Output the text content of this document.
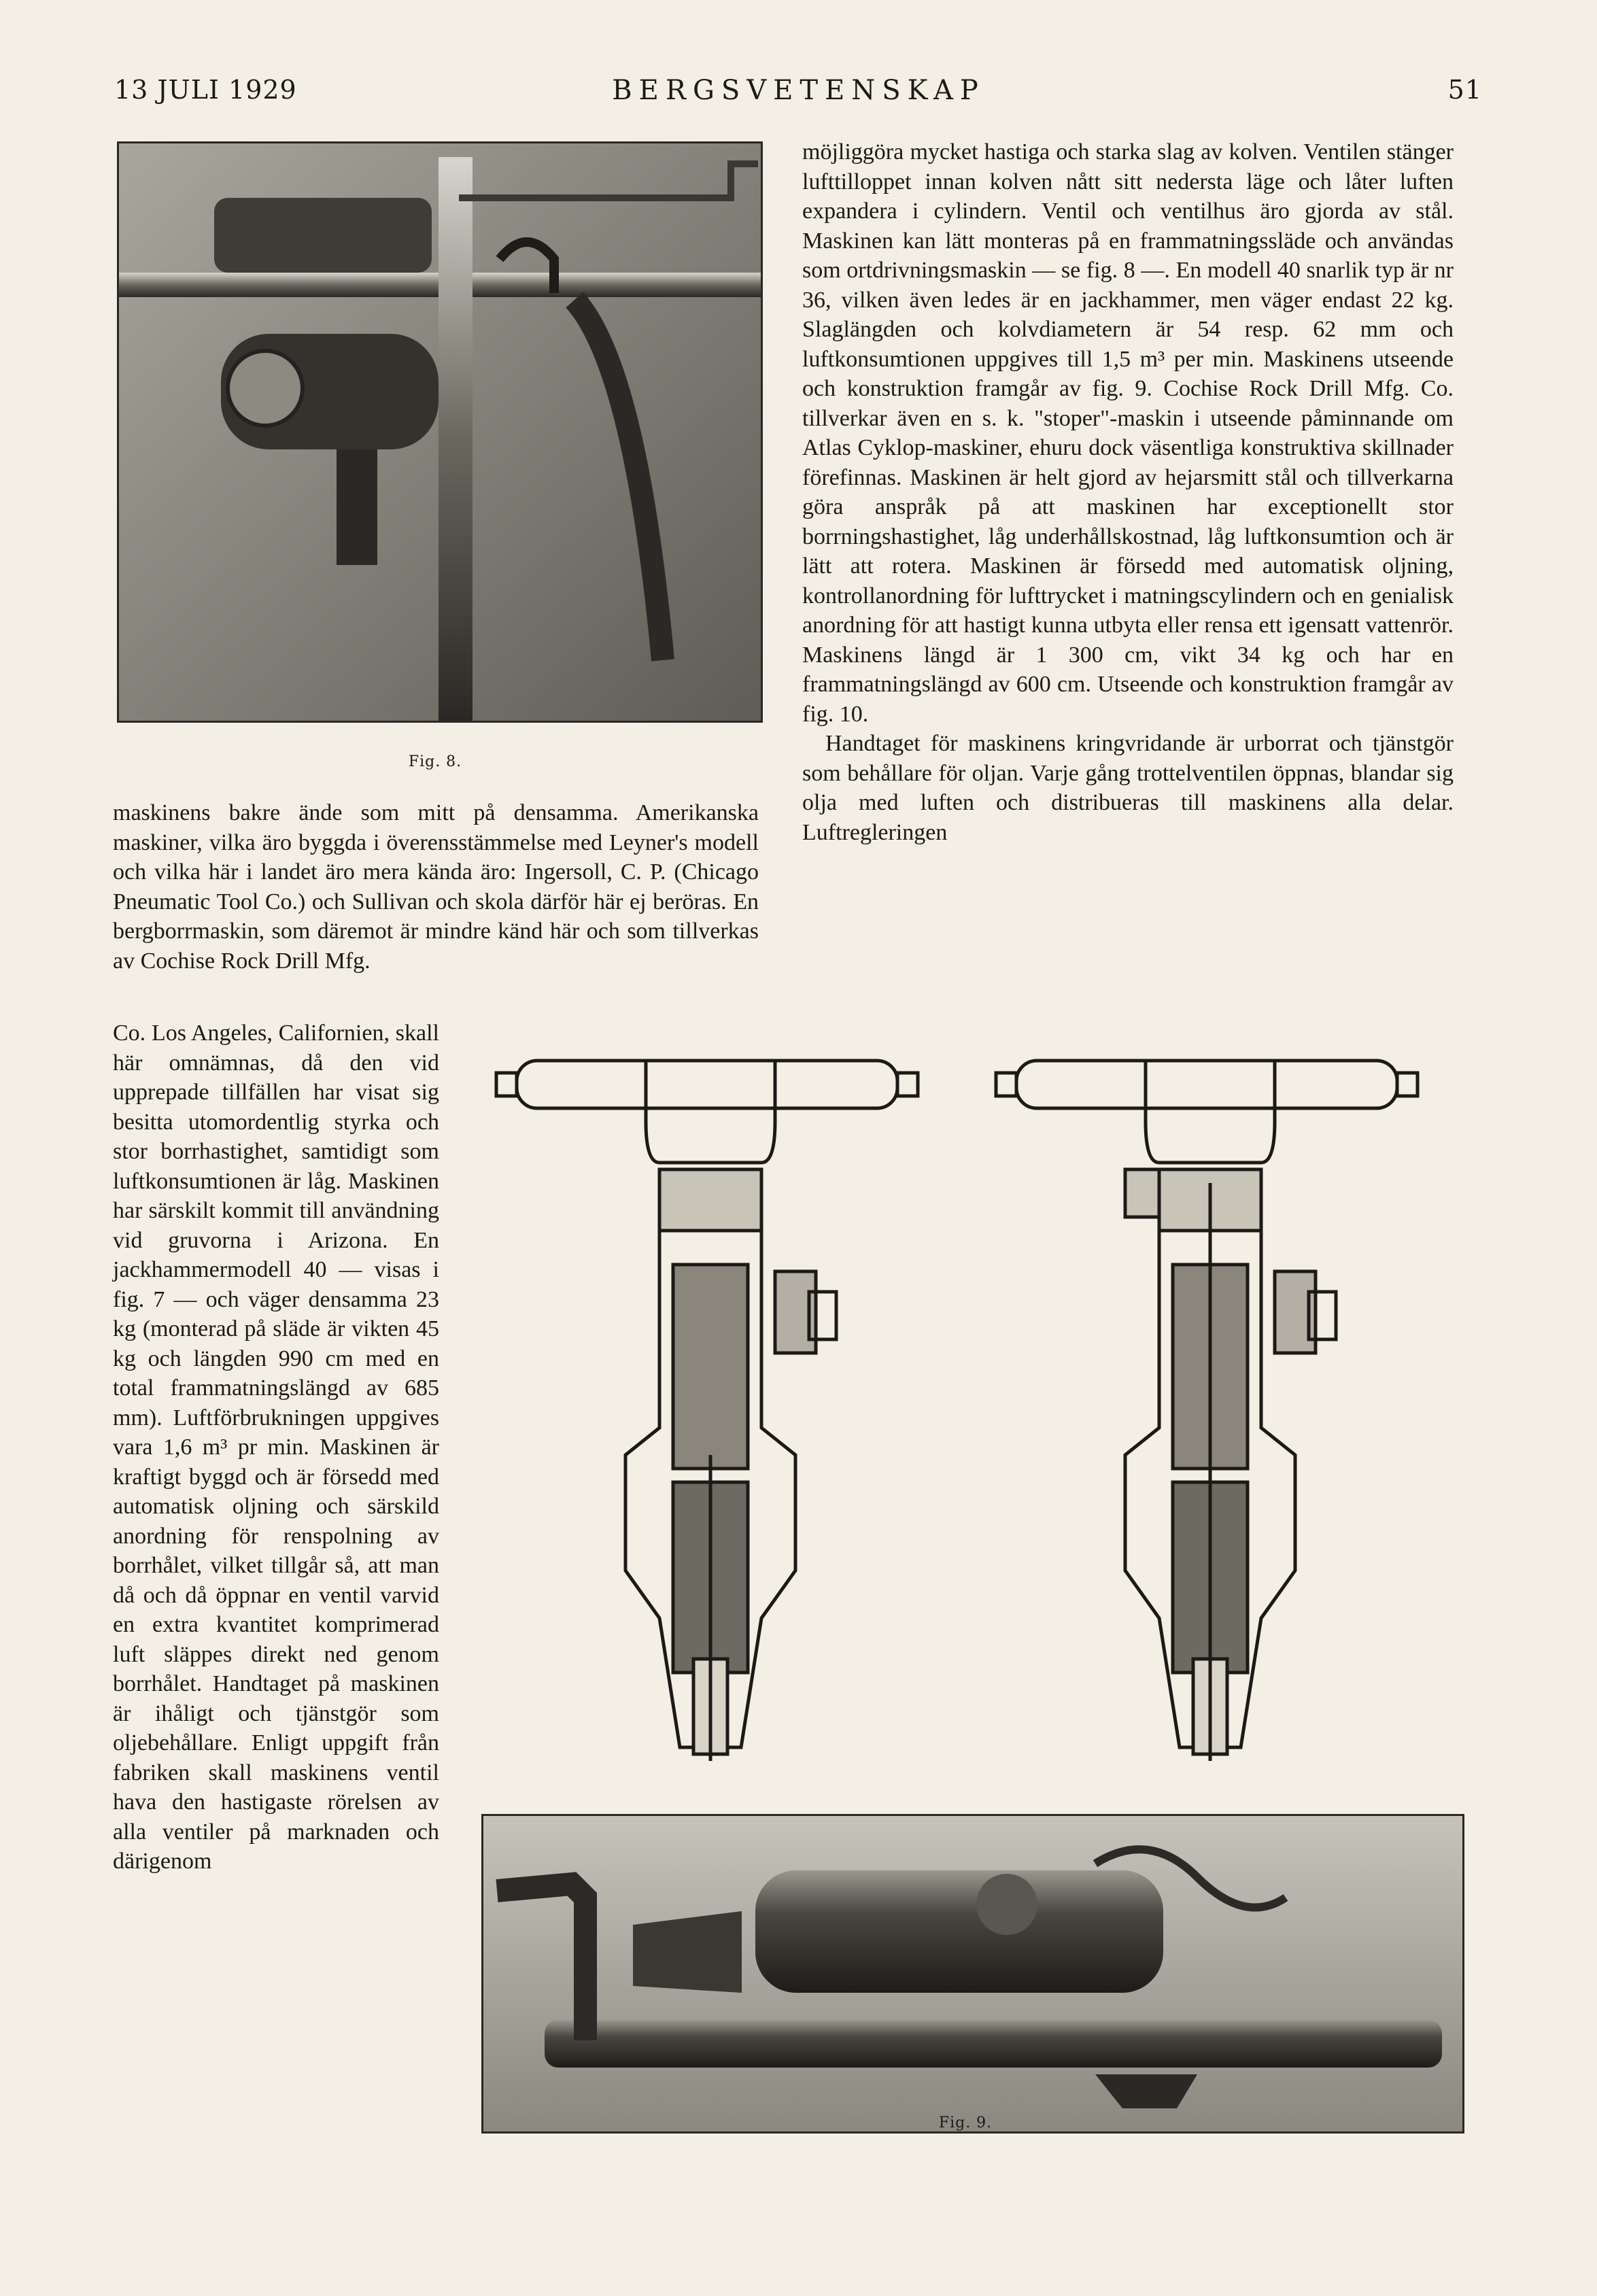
13 JULI 1929	BERGSVETENSKAP	51
Fig. 8.

maskinens bakre ände som mitt på densamma. Amerikanska maskiner, vilka äro byggda i överensstämmelse med Leyner's modell och vilka här i landet äro mera kända äro: Ingersoll, C. P. (Chicago Pneumatic Tool Co.) och Sullivan och skola därför här ej beröras. En bergborrmaskin, som däremot är mindre känd här och som tillverkas av Cochise Rock Drill Mfg.

Co. Los Angeles, Californien, skall här omnämnas, då den vid upprepade tillfällen har visat sig besitta utomordentlig styrka och stor borrhastighet, samtidigt som luftkonsumtionen är låg. Maskinen har särskilt kommit till användning vid gruvorna i Arizona. En jackhammermodell 40 — visas i fig. 7 — och väger densamma 23 kg (monterad på släde är vikten 45 kg och längden 990 cm med en total frammatningslängd av 685 mm). Luftförbrukningen uppgives vara 1,6 m³ pr min. Maskinen är kraftigt byggd och är försedd med automatisk oljning och särskild anordning för renspolning av borrhålet, vilket tillgår så, att man då och då öppnar en ventil varvid en extra kvantitet komprimerad luft släppes direkt ned genom borrhålet. Handtaget på maskinen är ihåligt och tjänstgör som oljebehållare. Enligt uppgift från fabriken skall maskinens ventil hava den hastigaste rörelsen av alla ventiler på marknaden och därigenom

möjliggöra mycket hastiga och starka slag av kolven. Ventilen stänger lufttilloppet innan kolven nått sitt nedersta läge och låter luften expandera i cylindern. Ventil och ventilhus äro gjorda av stål. Maskinen kan lätt monteras på en frammatningssläde och användas som ortdrivningsmaskin — se fig. 8 —. En modell 40 snarlik typ är nr 36, vilken även ledes är en jackhammer, men väger endast 22 kg. Slaglängden och kolvdiametern är 54 resp. 62 mm och luftkonsumtionen uppgives till 1,5 m³ per min. Maskinens utseende och konstruktion framgår av fig. 9. Cochise Rock Drill Mfg. Co. tillverkar även en s. k. "stoper"-maskin i utseende påminnande om Atlas Cyklop-maskiner, ehuru dock väsentliga konstruktiva skillnader förefinnas. Maskinen är helt gjord av hejarsmitt stål och tillverkarna göra anspråk på att maskinen har exceptionellt stor borrningshastighet, låg underhållskostnad, låg luftkonsumtion och är lätt att rotera. Maskinen är försedd med automatisk oljning, kontrollanordning för lufttrycket i matningscylindern och en genialisk anordning för att hastigt kunna utbyta eller rensa ett igensatt vattenrör. Maskinens längd är 1 300 cm, vikt 34 kg och har en frammatningslängd av 600 cm. Utseende och konstruktion framgår av fig. 10.

Handtaget för maskinens kringvridande är urborrat och tjänstgör som behållare för oljan. Varje gång trottelventilen öppnas, blandar sig olja med luften och distribueras till maskinens alla delar. Luftregleringen

Fig. 9.
